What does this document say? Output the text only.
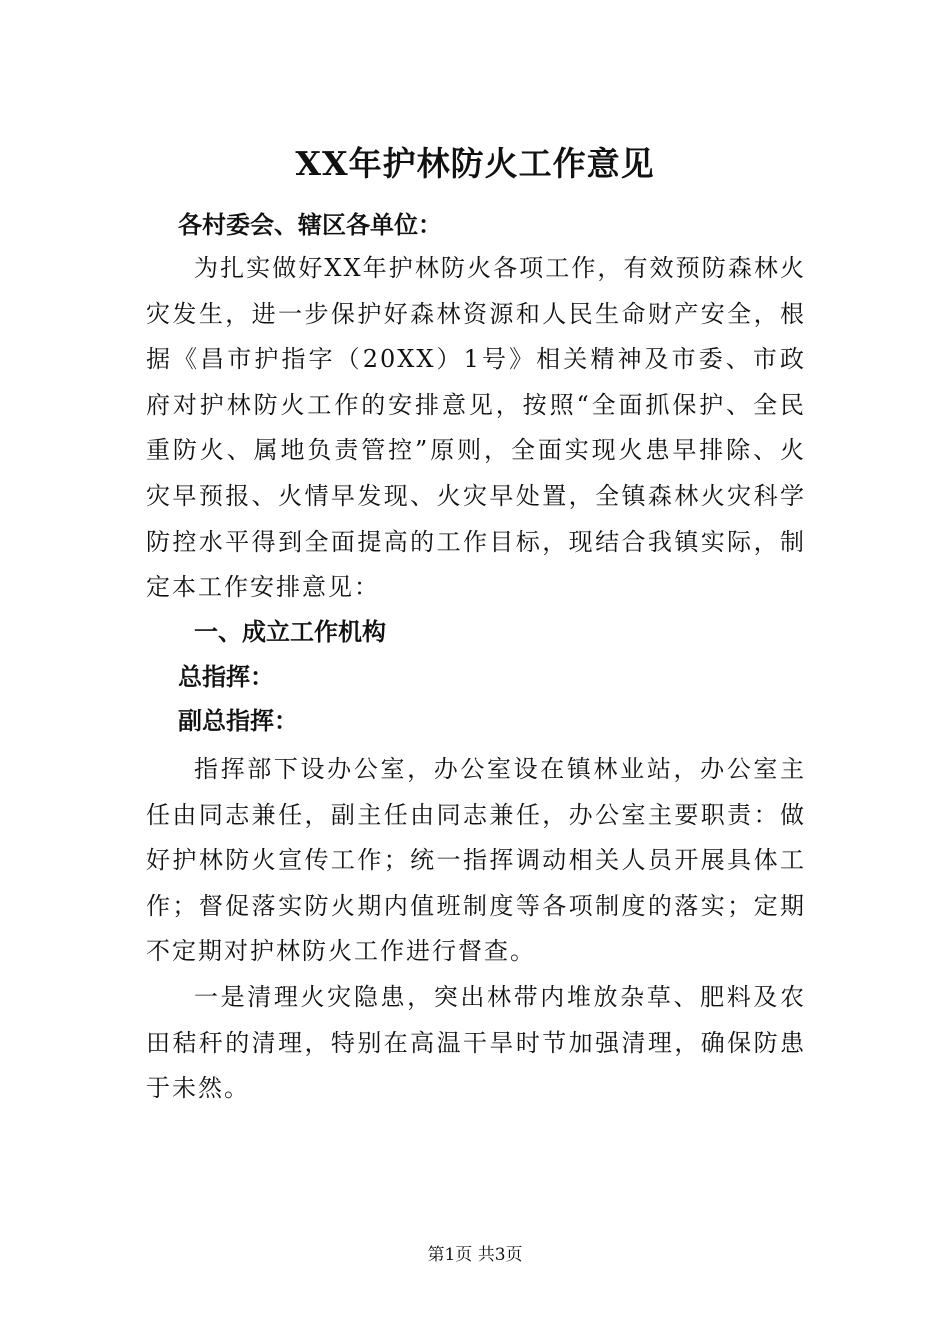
XX年护林防火工作意见
各村委会、辖区各单位：

为扎实做好XX年护林防火各项工作，有效预防森林火灾发生，进一步保护好森林资源和人民生命财产安全，根据《昌市护指字（20XX）1号》相关精神及市委、市政府对护林防火工作的安排意见，按照“全面抓保护、全民重防火、属地负责管控”原则，全面实现火患早排除、火灾早预报、火情早发现、火灾早处置，全镇森林火灾科学防控水平得到全面提高的工作目标，现结合我镇实际，制定本工作安排意见：

一、成立工作机构
总指挥：
副总指挥：

指挥部下设办公室，办公室设在镇林业站，办公室主任由同志兼任，副主任由同志兼任，办公室主要职责：做好护林防火宣传工作；统一指挥调动相关人员开展具体工作；督促落实防火期内值班制度等各项制度的落实；定期不定期对护林防火工作进行督查。

一是清理火灾隐患，突出林带内堆放杂草、肥料及农田秸秆的清理，特别在高温干旱时节加强清理，确保防患于未然。

第1页 共3页
